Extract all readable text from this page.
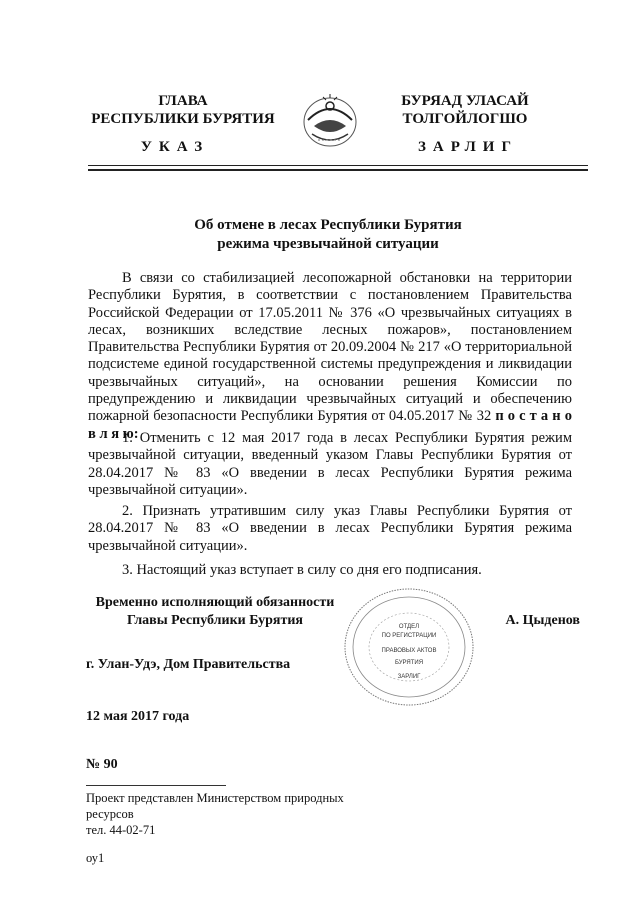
ГЛАВА
РЕСПУБЛИКИ БУРЯТИЯ
БУРЯАД УЛАСАЙ
ТОЛГОЙЛОГШО
УКАЗ	ЗАРЛИГ
Об отмене в лесах Республики Бурятия
режима чрезвычайной ситуации
В связи со стабилизацией лесопожарной обстановки на территории Республики Бурятия, в соответствии с постановлением Правительства Российской Федерации от 17.05.2011 № 376 «О чрезвычайных ситуациях в лесах, возникших вследствие лесных пожаров», постановлением Правительства Республики Бурятия от 20.09.2004 № 217 «О территориальной подсистеме единой государственной системы предупреждения и ликвидации чрезвычайных ситуаций», на основании решения Комиссии по предупреждению и ликвидации чрезвычайных ситуаций и обеспечению пожарной безопасности Республики Бурятия от 04.05.2017 № 32 п о с т а н о в л я ю:
1. Отменить с 12 мая 2017 года в лесах Республики Бурятия режим чрезвычайной ситуации, введенный указом Главы Республики Бурятия от 28.04.2017 № 83 «О введении в лесах Республики Бурятия режима чрезвычайной ситуации».
2. Признать утратившим силу указ Главы Республики Бурятия от 28.04.2017 № 83 «О введении в лесах Республики Бурятия режима чрезвычайной ситуации».
3. Настоящий указ вступает в силу со дня его подписания.
Временно исполняющий обязанности
Главы Республики Бурятия	А. Цыденов
ОТДЕЛ
ПО РЕГИСТРАЦИИ
ПРАВОВЫХ АКТОВ
БУРЯТИЯ
ЗАРЛИГ
г. Улан-Удэ, Дом Правительства
12 мая 2017 года
№ 90
Проект представлен Министерством природных
ресурсов
тел. 44-02-71
оу1
